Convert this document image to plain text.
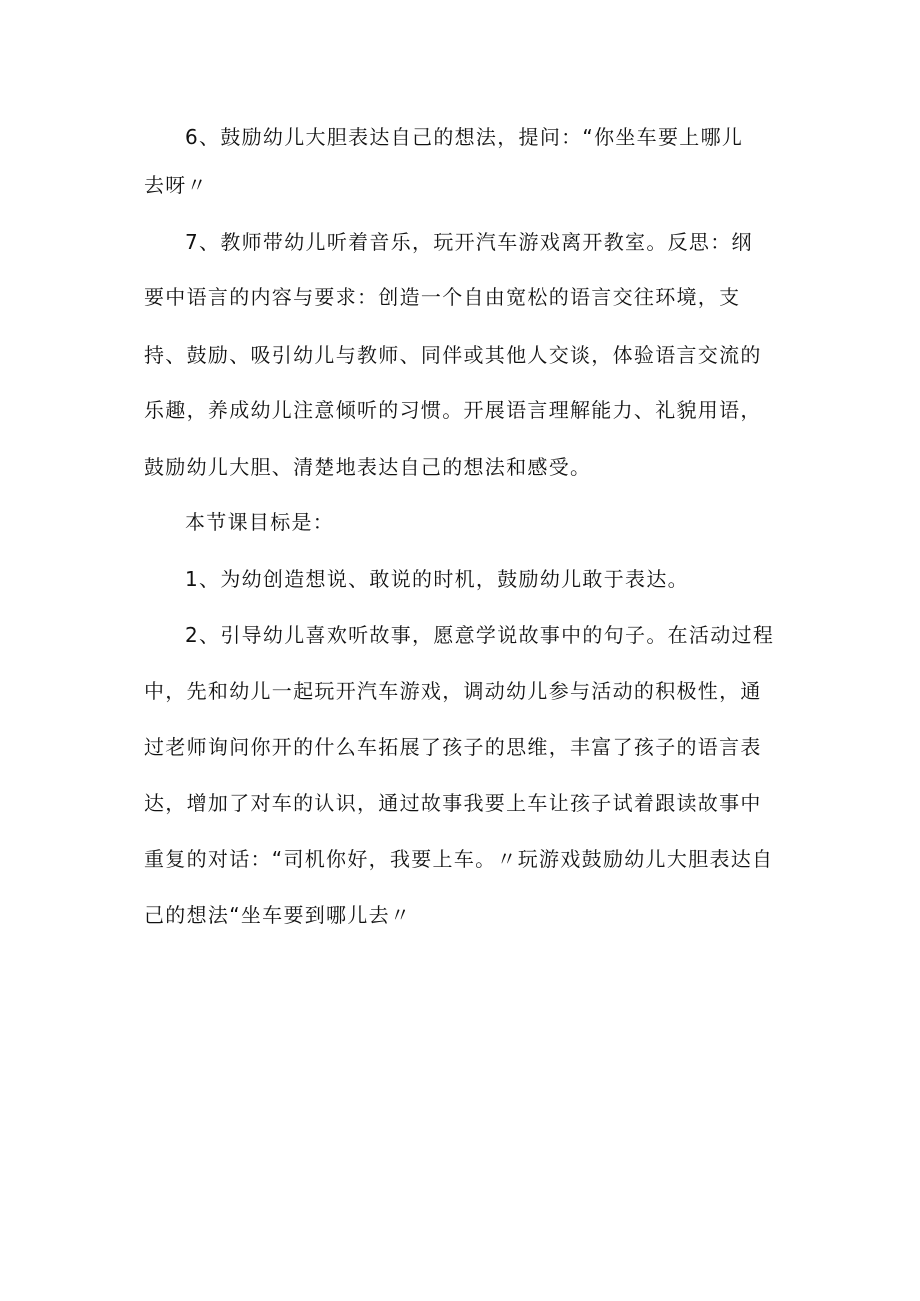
6、鼓励幼儿大胆表达自己的想法，提问：“你坐车要上哪儿
去呀〃
7、教师带幼儿听着音乐，玩开汽车游戏离开教室。反思：纲
要中语言的内容与要求：创造一个自由宽松的语言交往环境，支
持、鼓励、吸引幼儿与教师、同伴或其他人交谈，体验语言交流的
乐趣，养成幼儿注意倾听的习惯。开展语言理解能力、礼貌用语，
鼓励幼儿大胆、清楚地表达自己的想法和感受。
本节课目标是：
1、为幼创造想说、敢说的时机，鼓励幼儿敢于表达。
2、引导幼儿喜欢听故事，愿意学说故事中的句子。在活动过程
中，先和幼儿一起玩开汽车游戏，调动幼儿参与活动的积极性，通
过老师询问你开的什么车拓展了孩子的思维，丰富了孩子的语言表
达，增加了对车的认识，通过故事我要上车让孩子试着跟读故事中
重复的对话：“司机你好，我要上车。〃玩游戏鼓励幼儿大胆表达自
己的想法“坐车要到哪儿去〃
